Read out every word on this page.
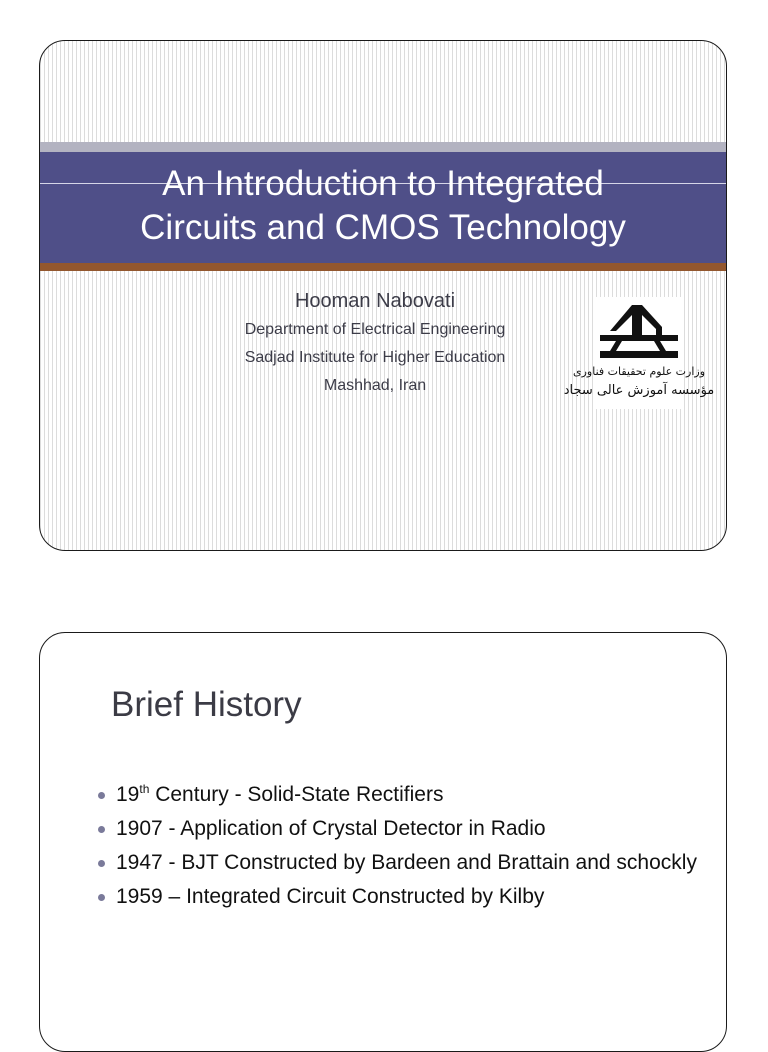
An Introduction to Integrated
Circuits and CMOS Technology
Hooman Nabovati
Department of Electrical Engineering
Sadjad Institute for Higher Education
Mashhad, Iran
وزارت علوم تحقیقات فناوری
مؤسسه آموزش عالی سجاد
Brief History
19th Century - Solid-State Rectifiers
1907 - Application of Crystal Detector in Radio
1947 - BJT Constructed by Bardeen and Brattain and schockly
1959 – Integrated Circuit Constructed by Kilby
